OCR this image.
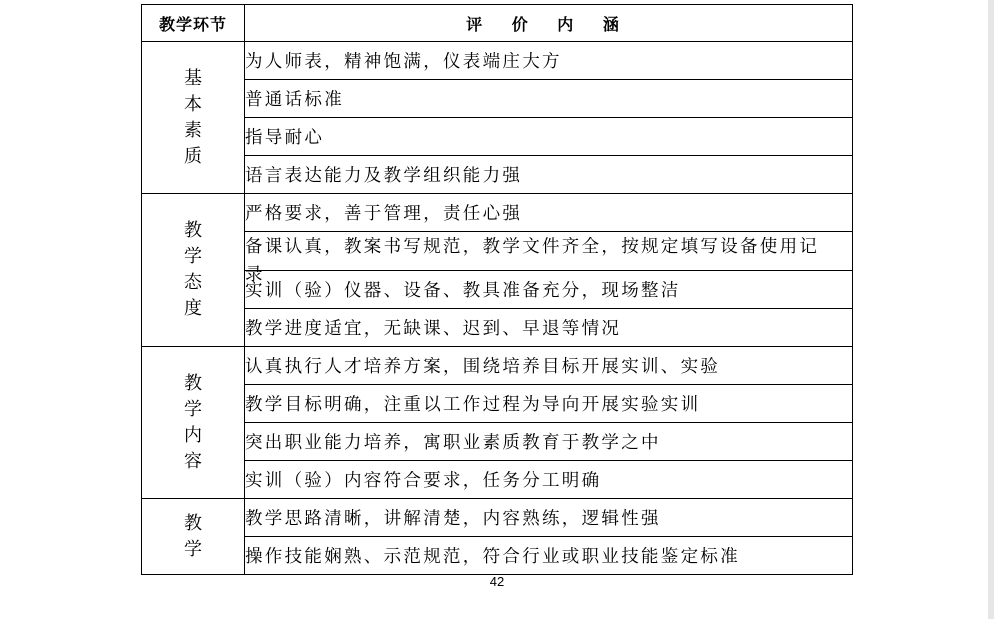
教学环节	评 价 内 涵

基
本
素
质	为人师表，精神饱满，仪表端庄大方
	普通话标准
	指导耐心
	语言表达能力及教学组织能力强

教
学
态
度	严格要求，善于管理，责任心强

	备课认真，教案书写规范，教学文件齐全，按规定填写设备使用记录

	实训（验）仪器、设备、教具准备充分，现场整洁
	教学进度适宜，无缺课、迟到、早退等情况

教
学
内
容	认真执行人才培养方案，围绕培养目标开展实训、实验
	教学目标明确，注重以工作过程为导向开展实验实训
	突出职业能力培养，寓职业素质教育于教学之中
	实训（验）内容符合要求，任务分工明确

教
学	教学思路清晰，讲解清楚，内容熟练，逻辑性强
	操作技能娴熟、示范规范，符合行业或职业技能鉴定标准
42
